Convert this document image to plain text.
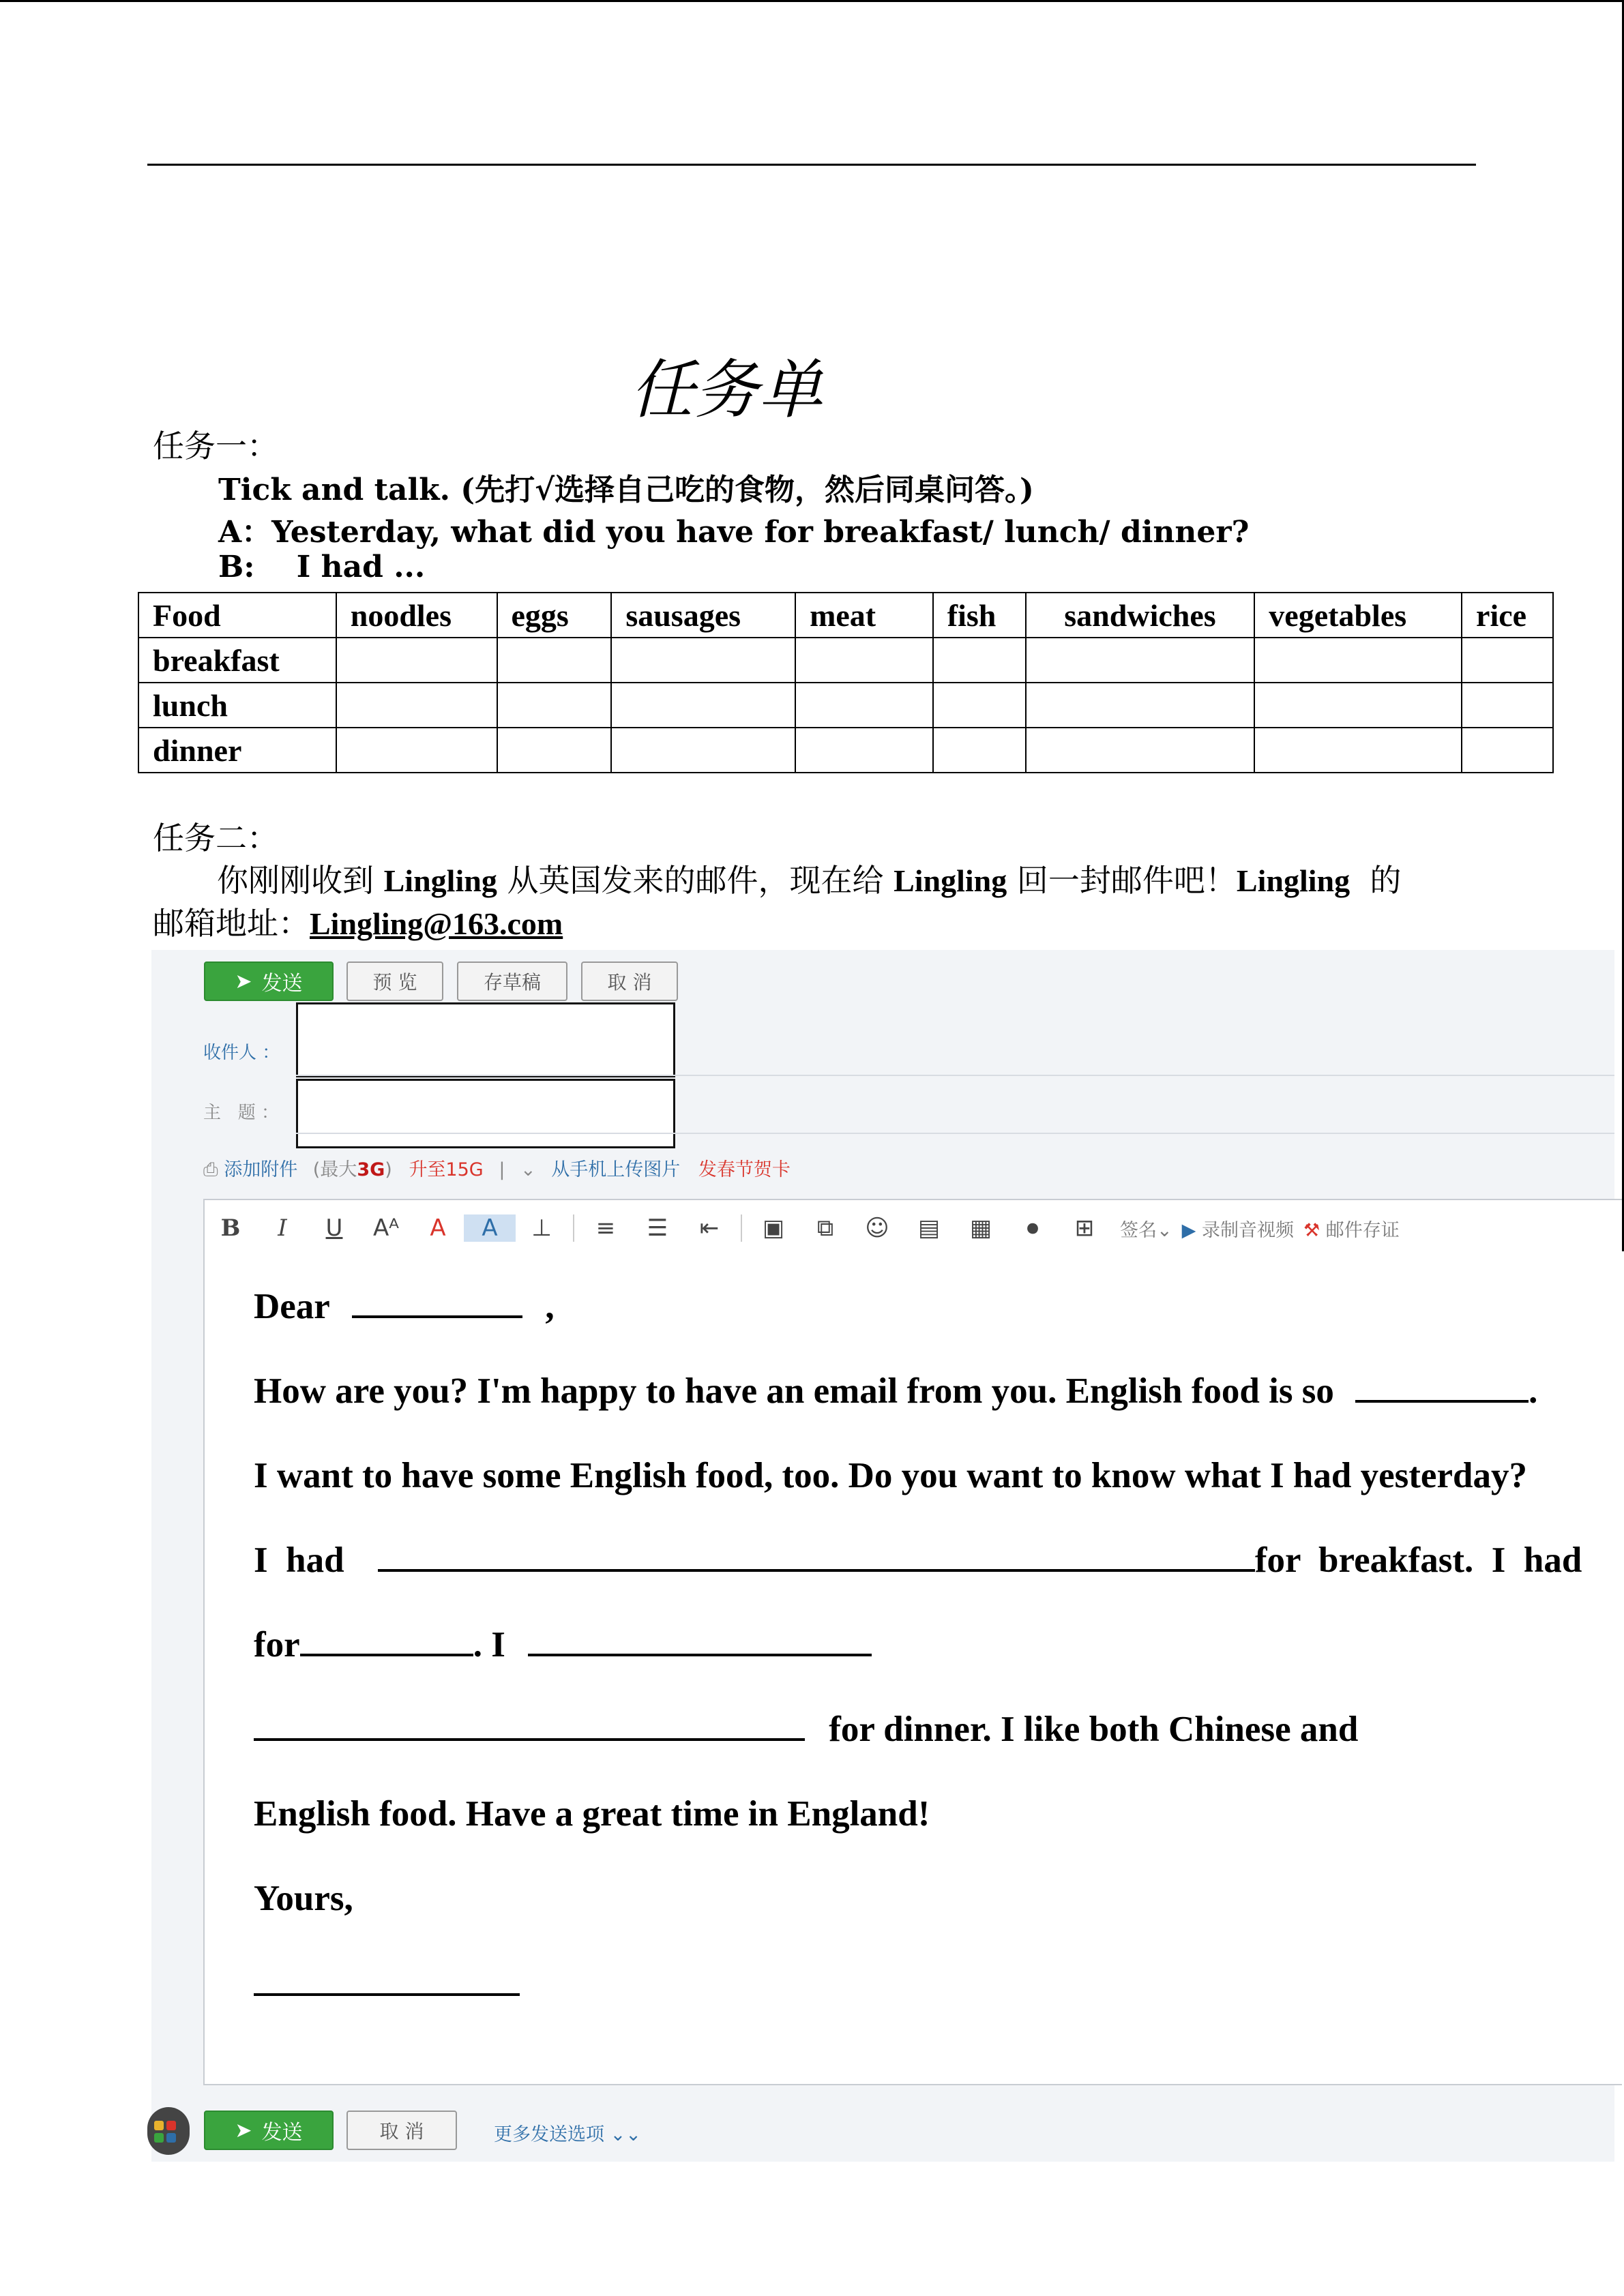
任务单
任务一：
Tick and talk. (先打√选择自己吃的食物，然后同桌问答。)
A：Yesterday, what did you have for breakfast/ lunch/ dinner?
B:    I had ...
Food	noodles	eggs	sausages	meat	fish	sandwiches	vegetables	rice
breakfast								
lunch								
dinner								
任务二：
你刚刚收到 Lingling 从英国发来的邮件，现在给 Lingling 回一封邮件吧！Lingling  的
邮箱地址：Lingling@163.com
➤ 发送	预 览	存草稿	取 消
收件人 ：
主   题 ：
⎙ 添加附件 (最大3G) 升至15G | ⌄ 从手机上传图片 发春节贺卡
B	I	U	Aᴬ	A	A	⊥	≡	☰	⇤	▣	⧉	☺	▤	▦	⏺	⊞	签名⌄ ▶ 录制音视频 ⚒ 邮件存证
Dear	,
How are you? I'm happy to have an email from you. English food is so	.
I want to have some English food, too. Do you want to know what I had yesterday?
I  had	for  breakfast.  I  had
for	. I
for dinner. I like both Chinese and
English food. Have a great time in England!
Yours,
➤ 发送	取 消	更多发送选项 ⌄⌄
